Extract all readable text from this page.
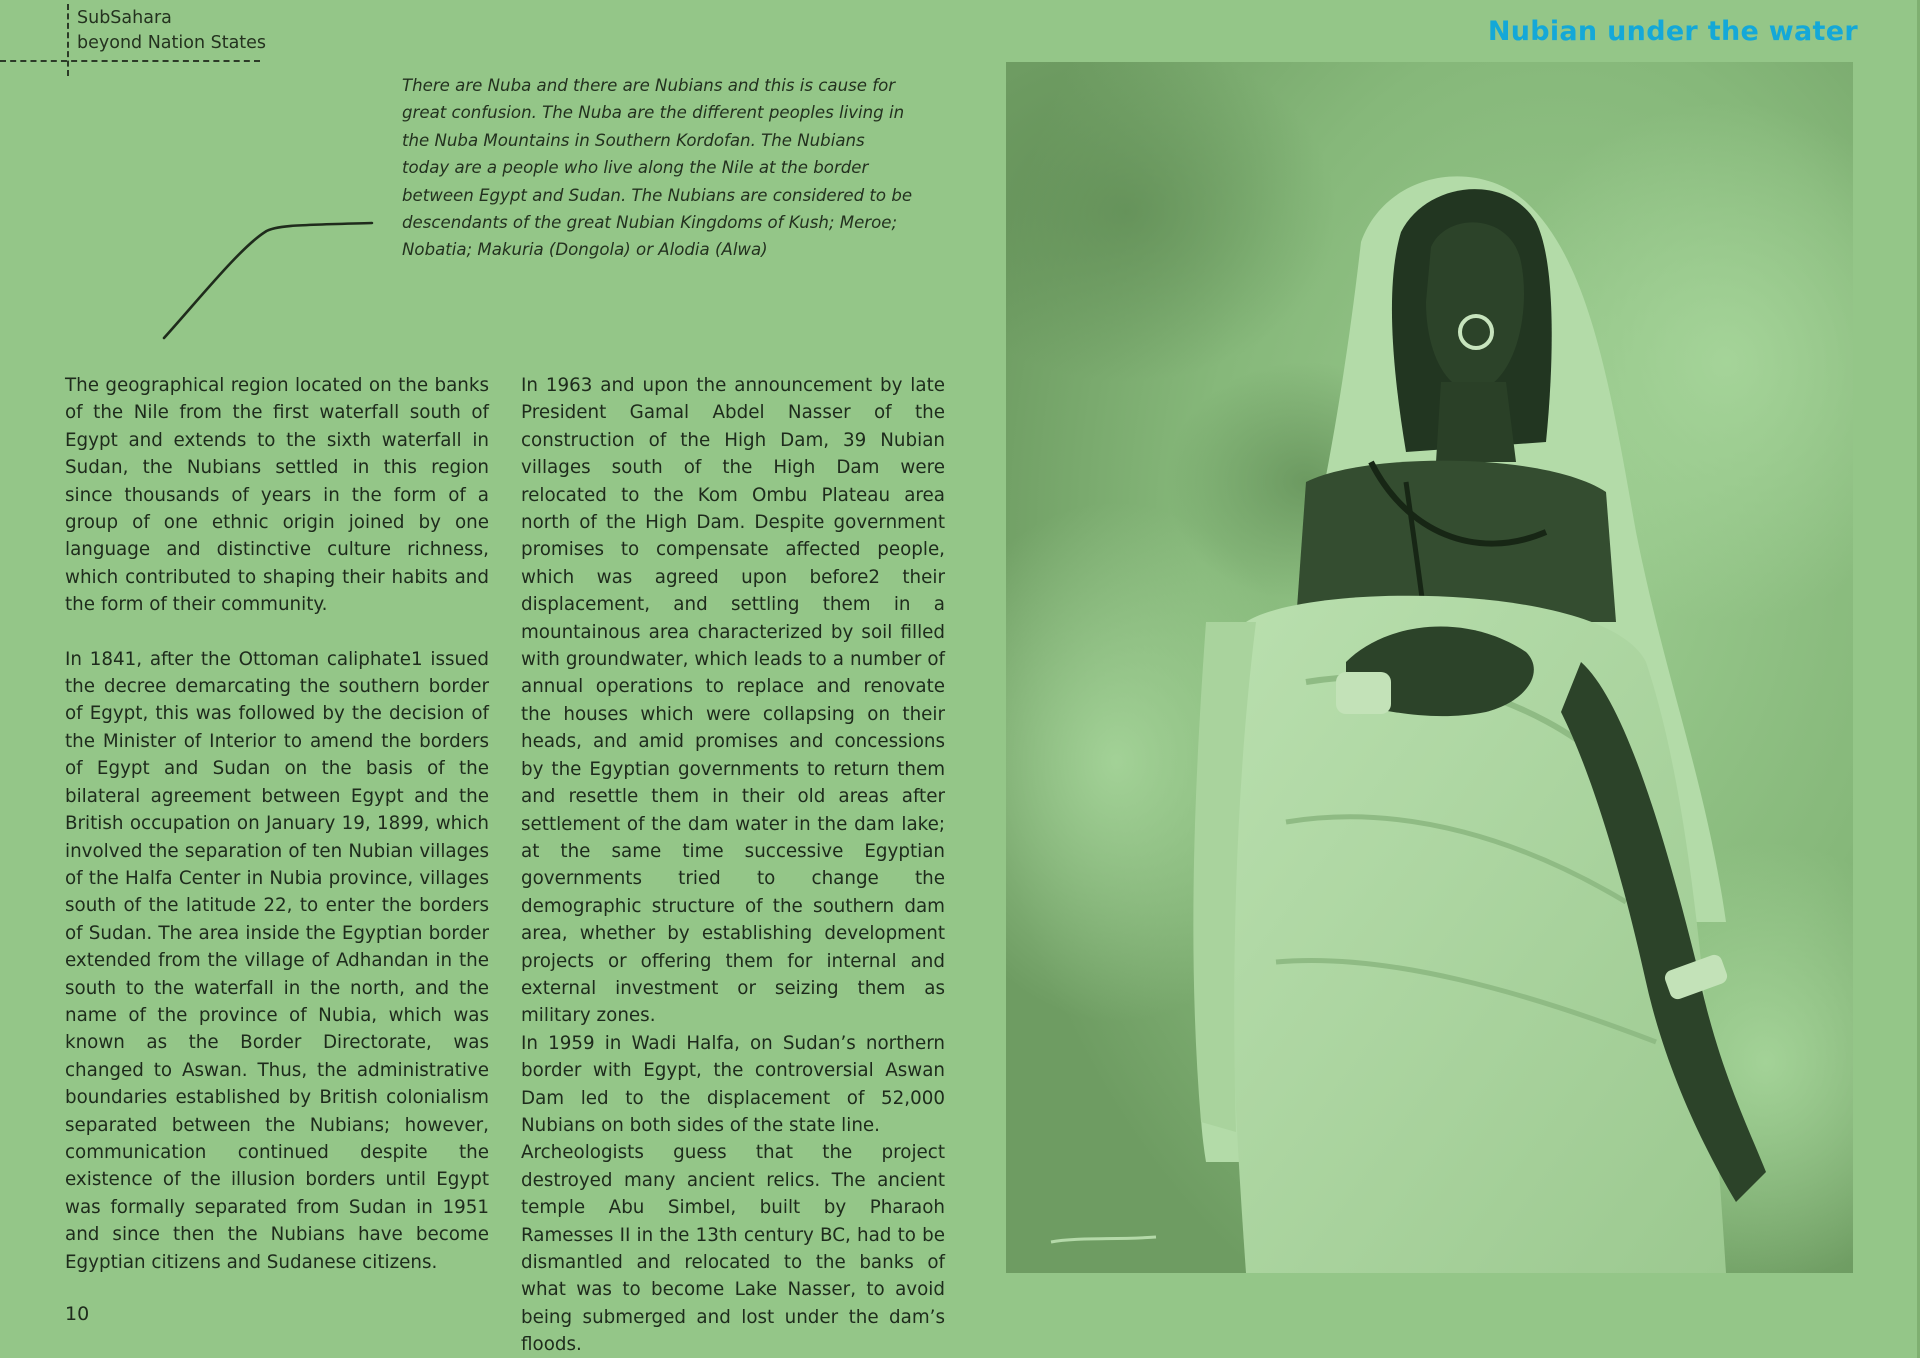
SubSahara
beyond Nation States	Nubian under the water
There are Nuba and there are Nubians and this is cause for great confusion. The Nuba are the different peoples living in the Nuba Mountains in Southern Kordofan. The Nubians today are a people who live along the Nile at the border between Egypt and Sudan. The Nubians are considered to be descendants of the great Nubian Kingdoms of Kush; Meroe; Nobatia; Makuria (Dongola) or Alodia (Alwa)

The geographical region located on the banks of the Nile from the first waterfall south of Egypt and extends to the sixth waterfall in Sudan, the Nubians settled in this region since thousands of years in the form of a group of one ethnic origin joined by one language and distinctive culture richness, which contributed to shaping their habits and the form of their community.

In 1841, after the Ottoman caliphate1 issued the decree demarcating the southern border of Egypt, this was followed by the decision of the Minister of Interior to amend the borders of Egypt and Sudan on the basis of the bilateral agreement between Egypt and the British occupation on January 19, 1899, which involved the separation of ten Nubian villages of the Halfa Center in Nubia province, villages south of the latitude 22, to enter the borders of Sudan. The area inside the Egyptian border extended from the village of Adhandan in the south to the waterfall in the north, and the name of the province of Nubia, which was known as the Border Directorate, was changed to Aswan. Thus, the administrative boundaries established by British colonialism separated between the Nubians; however, communication continued despite the existence of the illusion borders until Egypt was formally separated from Sudan in 1951 and since then the Nubians have become Egyptian citizens and Sudanese citizens.

In 1963 and upon the announcement by late President Gamal Abdel Nasser of the construction of the High Dam, 39 Nubian villages south of the High Dam were relocated to the Kom Ombu Plateau area north of the High Dam. Despite government promises to compensate affected people, which was agreed upon before2 their displacement, and settling them in a mountainous area characterized by soil filled with groundwater, which leads to a number of annual operations to replace and renovate the houses which were collapsing on their heads, and amid promises and concessions by the Egyptian governments to return them and resettle them in their old areas after settlement of the dam water in the dam lake; at the same time successive Egyptian governments tried to change the demographic structure of the southern dam area, whether by establishing development projects or offering them for internal and external investment or seizing them as military zones.

In 1959 in Wadi Halfa, on Sudan’s northern border with Egypt, the controversial Aswan Dam led to the displacement of 52,000 Nubians on both sides of the state line.

Archeologists guess that the project destroyed many ancient relics. The ancient temple Abu Simbel, built by Pharaoh Ramesses II in the 13th century BC, had to be dismantled and relocated to the banks of what was to become Lake Nasser, to avoid being submerged and lost under the dam’s floods.

10
